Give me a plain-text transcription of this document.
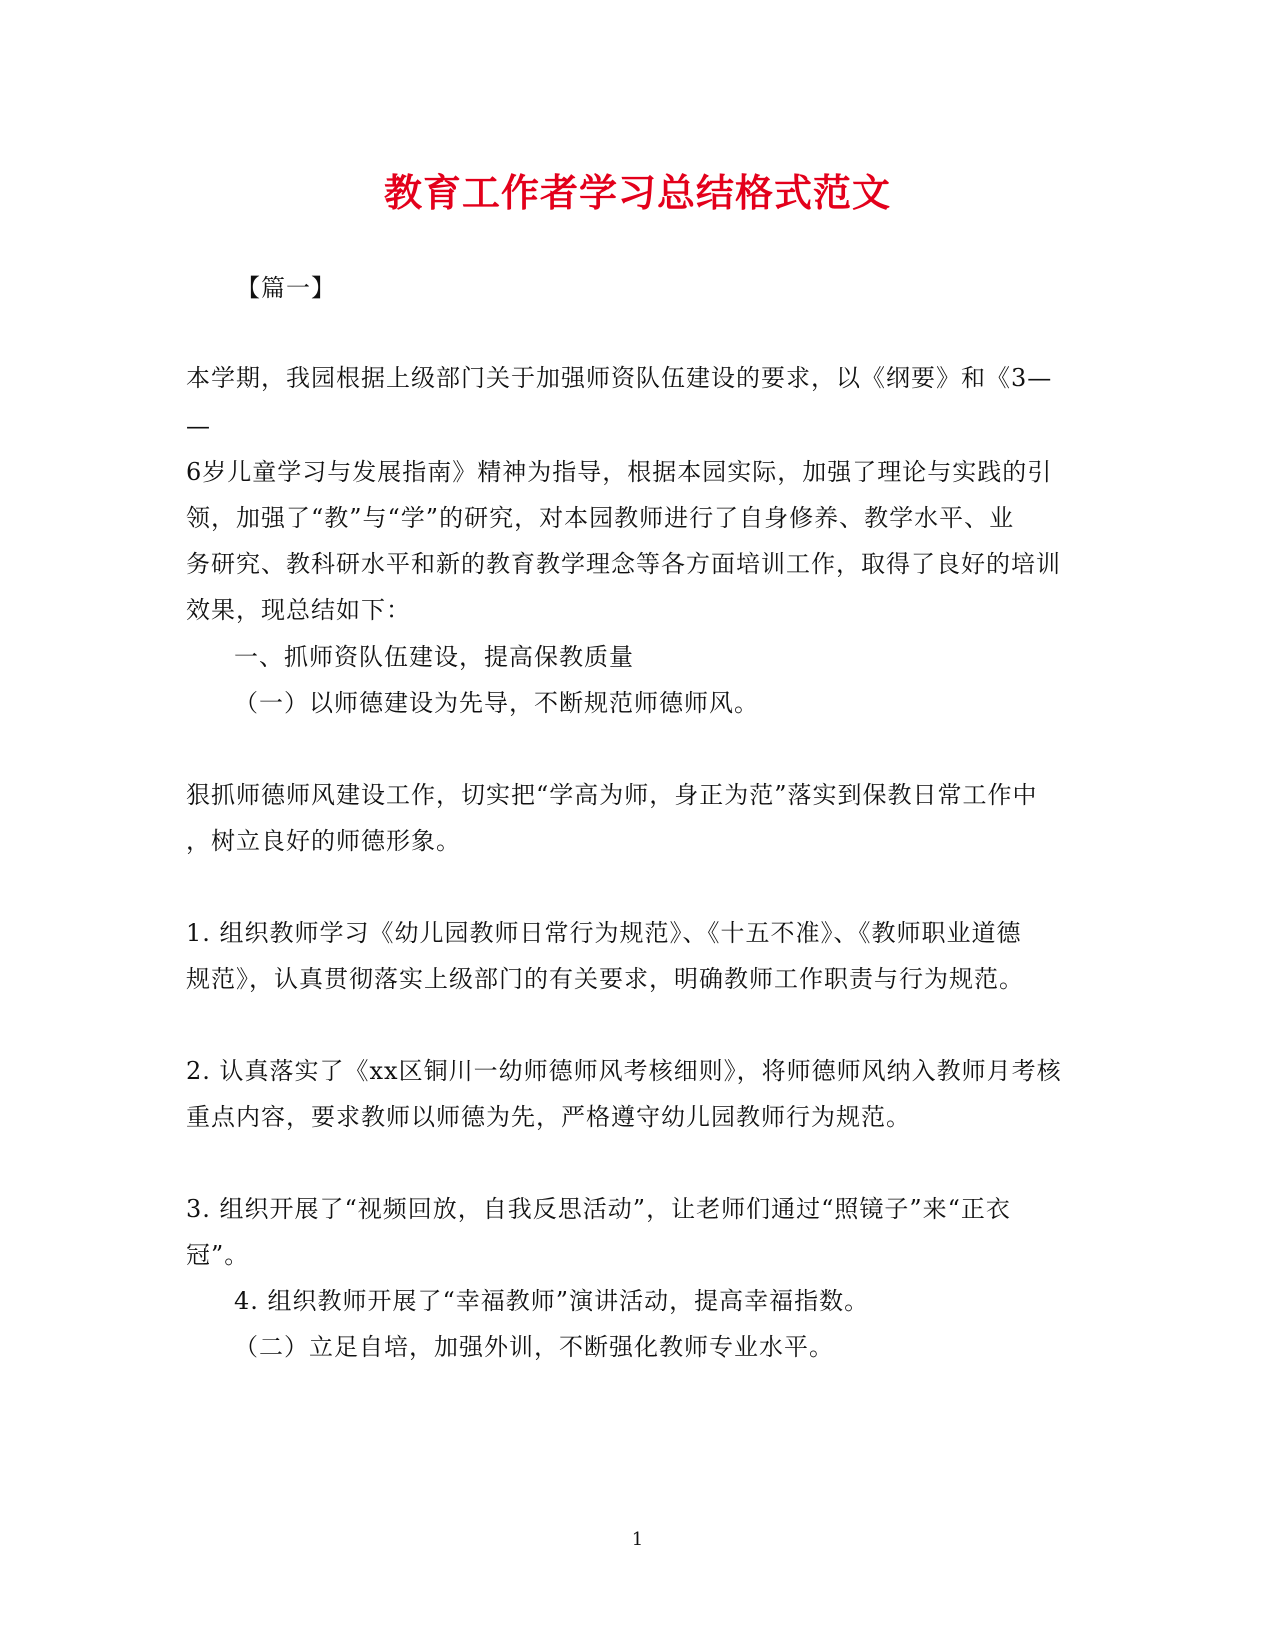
教育工作者学习总结格式范文
【篇一】
本学期，我园根据上级部门关于加强师资队伍建设的要求，以《纲要》和《3—
—
6岁儿童学习与发展指南》精神为指导，根据本园实际，加强了理论与实践的引
领，加强了“教”与“学”的研究，对本园教师进行了自身修养、教学水平、业
务研究、教科研水平和新的教育教学理念等各方面培训工作，取得了良好的培训
效果，现总结如下：
一、抓师资队伍建设，提高保教质量
（一）以师德建设为先导，不断规范师德师风。
狠抓师德师风建设工作，切实把“学高为师，身正为范”落实到保教日常工作中
，树立良好的师德形象。
1. 组织教师学习《幼儿园教师日常行为规范》、《十五不准》、《教师职业道德
规范》，认真贯彻落实上级部门的有关要求，明确教师工作职责与行为规范。
2. 认真落实了《xx区铜川一幼师德师风考核细则》，将师德师风纳入教师月考核
重点内容，要求教师以师德为先，严格遵守幼儿园教师行为规范。
3. 组织开展了“视频回放，自我反思活动”，让老师们通过“照镜子”来“正衣
冠”。
4. 组织教师开展了“幸福教师”演讲活动，提高幸福指数。
（二）立足自培，加强外训，不断强化教师专业水平。
1
